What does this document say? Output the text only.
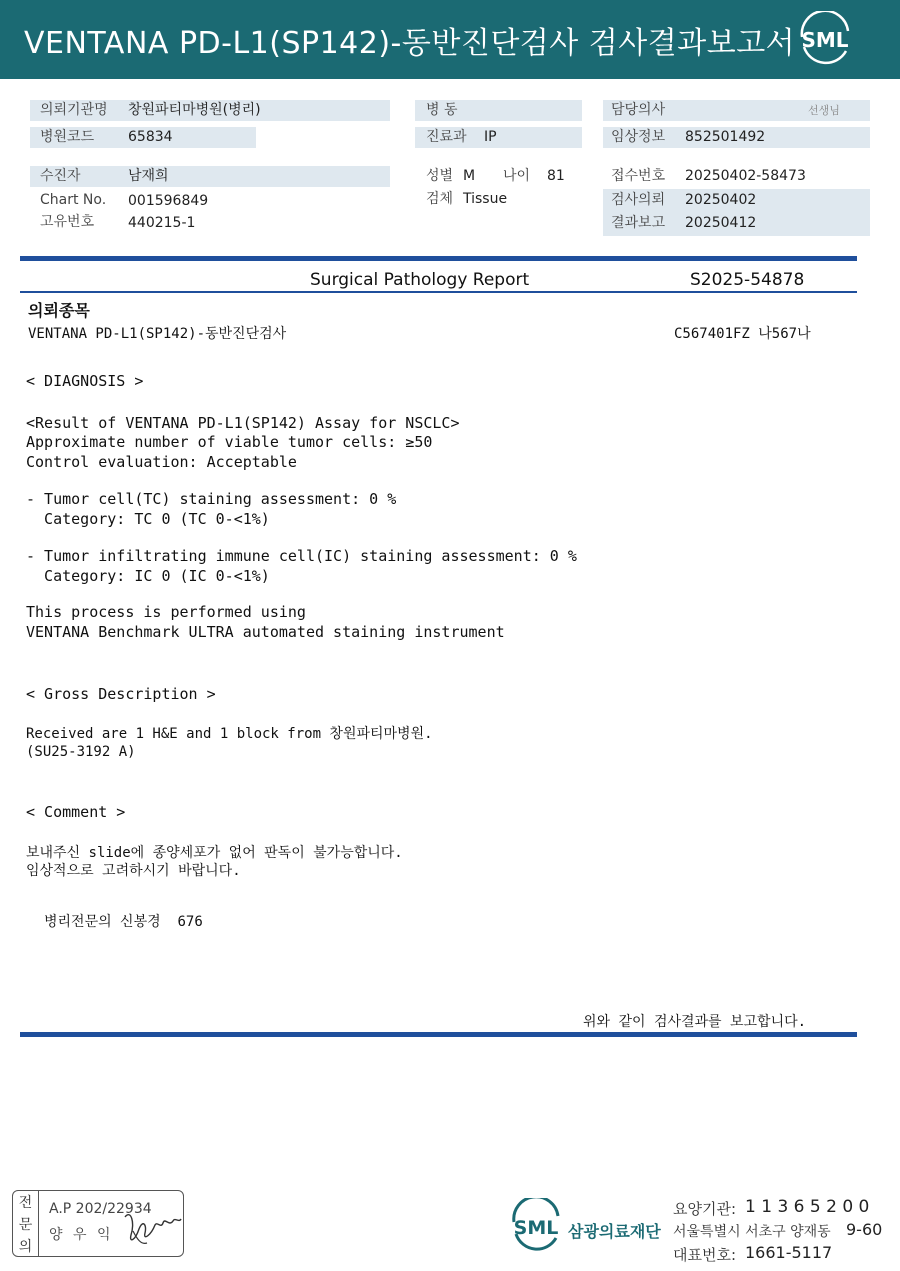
VENTANA PD-L1(SP142)-동반진단검사 검사결과보고서 SML
의뢰기관명 창원파티마병원(병리)
병원코드 65834
수진자	남재희
Chart No. 001596849
고유번호 440215-1
병 동
진료과 IP
성별 M 나이 81
검체 Tissue
담당의사	선생님
임상정보 852501492
접수번호 20250402-58473
검사의뢰 20250402
결과보고 20250412
Surgical Pathology Report	S2025-54878
의뢰종목
VENTANA PD-L1(SP142)-동반진단검사	C567401FZ 나567나
< DIAGNOSIS >
<Result of VENTANA PD-L1(SP142) Assay for NSCLC>
Approximate number of viable tumor cells: ≥50
Control evaluation: Acceptable
- Tumor cell(TC) staining assessment: 0 %
Category: TC 0 (TC 0-<1%)
- Tumor infiltrating immune cell(IC) staining assessment: 0 %
Category: IC 0 (IC 0-<1%)
This process is performed using
VENTANA Benchmark ULTRA automated staining instrument
< Gross Description >
Received are 1 H&E and 1 block from 창원파티마병원.
(SU25-3192 A)
< Comment >
보내주신 slide에 종양세포가 없어 판독이 불가능합니다.
임상적으로 고려하시기 바랍니다.
병리전문의 신봉경  676
위와 같이 검사결과를 보고합니다.
전
문
의
A.P 202/22934
양 우 익	SML 삼광의료재단
요양기관: 1 1 3 6 5 2 0 0
서울특별시 서초구 양재동 9-60
대표번호: 1661-5117
